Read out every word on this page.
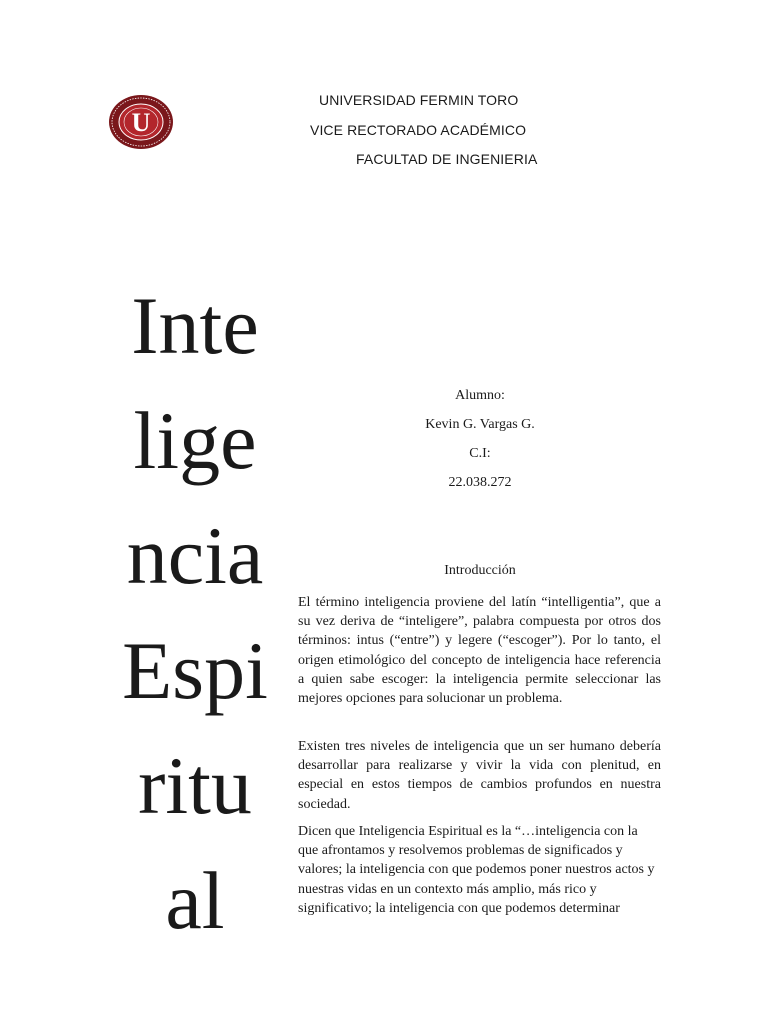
U
UNIVERSIDAD FERMIN TORO
VICE RECTORADO ACADÉMICO
FACULTAD DE INGENIERIA
Inte
lige
ncia
Espi
ritu
al
Alumno:
Kevin G. Vargas G.
C.I:
22.038.272
Introducción
El término inteligencia proviene del latín “intelligentia”, que a su vez deriva de “inteligere”, palabra compuesta por otros dos términos: intus (“entre”) y legere (“escoger”). Por lo tanto, el origen etimológico del concepto de inteligencia hace referencia a quien sabe escoger: la inteligencia permite seleccionar las mejores opciones para solucionar un problema.
Existen tres niveles de inteligencia que un ser humano debería desarrollar para realizarse y vivir la vida con plenitud, en especial en estos tiempos de cambios profundos en nuestra sociedad.
Dicen que Inteligencia Espiritual es la “…inteligencia con la que afrontamos y resolvemos problemas de significados y valores; la inteligencia con que podemos poner nuestros actos y nuestras vidas en un contexto más amplio, más rico y significativo; la inteligencia con que podemos determinar
